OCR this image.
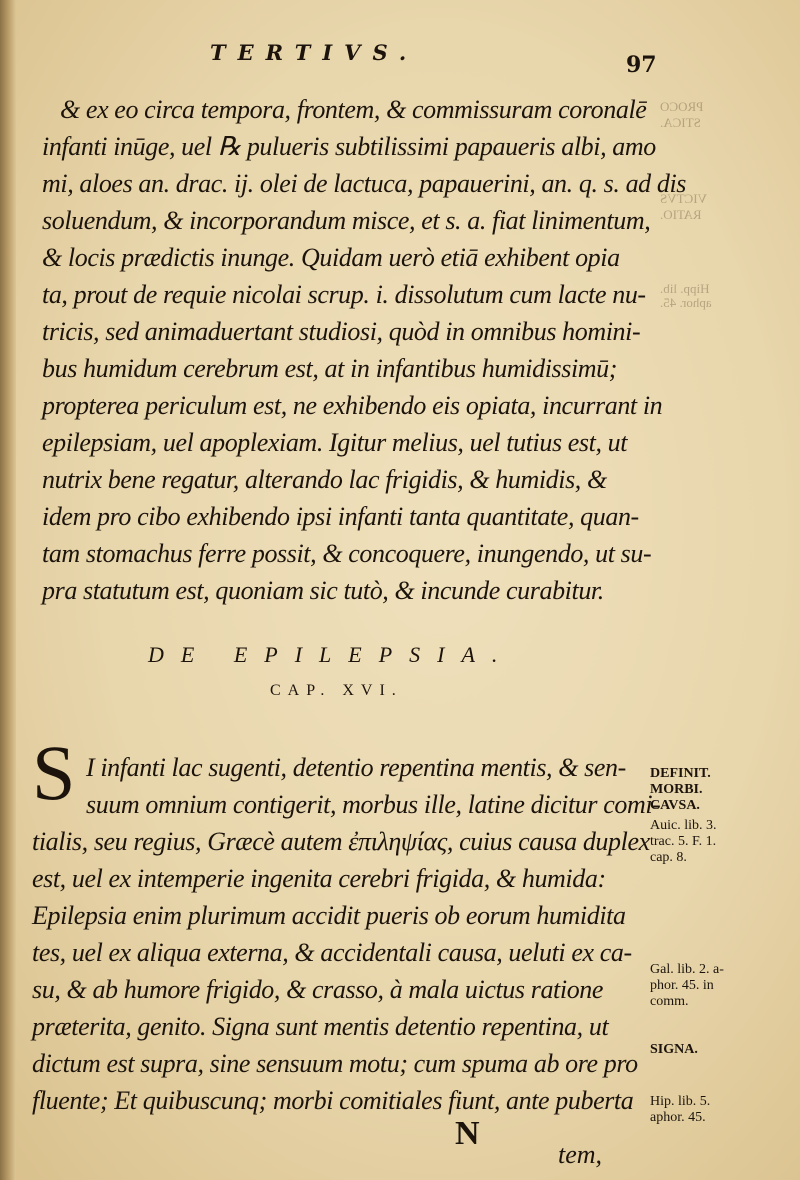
PROCO
STICA.
VICTVS
RATIO.
Hipp. lib.
aphor. 45.
TERTIVS.	97
& ex eo circa tempora, frontem, & commissuram coronalē
infanti inūge, uel ℞ pulueris subtilissimi papaueris albi, amo
mi, aloes an. drac. ij. olei de lactuca, papauerini, an. q. s. ad dis
soluendum, & incorporandum misce, et s. a. fiat linimentum,
& locis prædictis inunge. Quidam uerò etiā exhibent opia
ta, prout de requie nicolai scrup. i. dissolutum cum lacte nu-
tricis, sed animaduertant studiosi, quòd in omnibus homini-
bus humidum cerebrum est, at in infantibus humidissimū;
propterea periculum est, ne exhibendo eis opiata, incurrant in
epilepsiam, uel apoplexiam. Igitur melius, uel tutius est, ut
nutrix bene regatur, alterando lac frigidis, & humidis, &
idem pro cibo exhibendo ipsi infanti tanta quantitate, quan-
tam stomachus ferre possit, & concoquere, inungendo, ut su-
pra statutum est, quoniam sic tutò, & incunde curabitur.
DE EPILEPSIA.
CAP. XVI.
S I infanti lac sugenti, detentio repentina mentis, & sen-
suum omnium contigerit, morbus ille, latine dicitur comi-
tialis, seu regius, Græcè autem ἐπιληψίας, cuius causa duplex
est, uel ex intemperie ingenita cerebri frigida, & humida:
Epilepsia enim plurimum accidit pueris ob eorum humidita
tes, uel ex aliqua externa, & accidentali causa, ueluti ex ca-
su, & ab humore frigido, & crasso, à mala uictus ratione
præterita, genito. Signa sunt mentis detentio repentina, ut
dictum est supra, sine sensuum motu; cum spuma ab ore pro
fluente; Et quibuscunq; morbi comitiales fiunt, ante puberta
DEFINIT.
MORBI.
CAVSA.
Auic. lib. 3.
trac. 5. F. 1.
cap. 8.
Gal. lib. 2. a-
phor. 45. in
comm.
SIGNA.
Hip. lib. 5.
aphor. 45.
N
tem,
